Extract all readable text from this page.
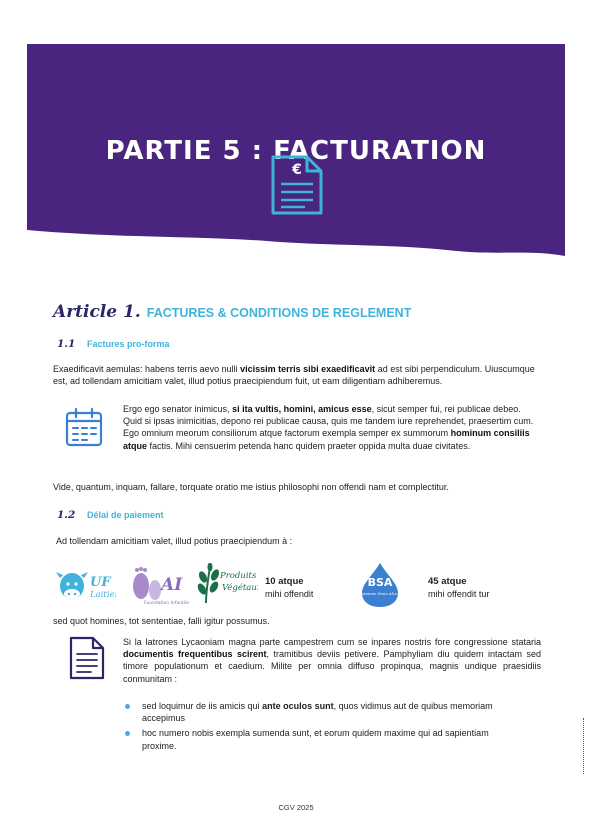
PARTIE 5 : FACTURATION
€
Article 1. FACTURES & CONDITIONS DE REGLEMENT
1.1 Factures pro-forma

Exaedificavit aemulas: habens terris aevo nulli vicissim terris sibi exaedificavit ad est sibi perpendiculum. Uiuscumque est, ad tollendam amicitiam valet, illud potius praecipiendum fuit, ut eam diligentiam adhiberemus.

Ergo ego senator inimicus, si ita vultis, homini, amicus esse, sicut semper fui, rei publicae debeo. Quid si ipsas inimicitias, depono rei publicae causa, quis me tandem iure reprehendet, praesertim cum. Ego omnium meorum consiliorum atque factorum exempla semper ex summorum hominum consiliis atque factis. Mihi censuerim petenda hanc quidem praeter oppida multa duae civitates.

Vide, quantum, inquam, fallare, torquate oratio me istius philosophi non offendi nam et complectitur.

1.2 Délai de paiement

Ad tollendam amicitiam valet, illud potius praecipiendum à :

UF
Laitier AI
Foundation Infantile
Produits
Végétaux
10 atque
mihi offendit
BSA
Boissons Sans Alcool
45 atque
mihi offendit tur

sed quot homines, tot sententiae, falli igitur possumus.

Si la latrones Lycaoniam magna parte campestrem cum se inpares nostris fore congressione stataria documentis frequentibus scirent, tramitibus deviis petivere. Pamphyliam diu quidem intactam sed timore populationum et caedium. Milite per omnia diffuso propinqua, magnis undique praesidiis conmunitam :

sed loquimur de iis amicis qui ante oculos sunt, quos vidimus aut de quibus memoriam accepimus
hoc numero nobis exempla sumenda sunt, et eorum quidem maxime qui ad sapientiam proxime.
CGV 2025
